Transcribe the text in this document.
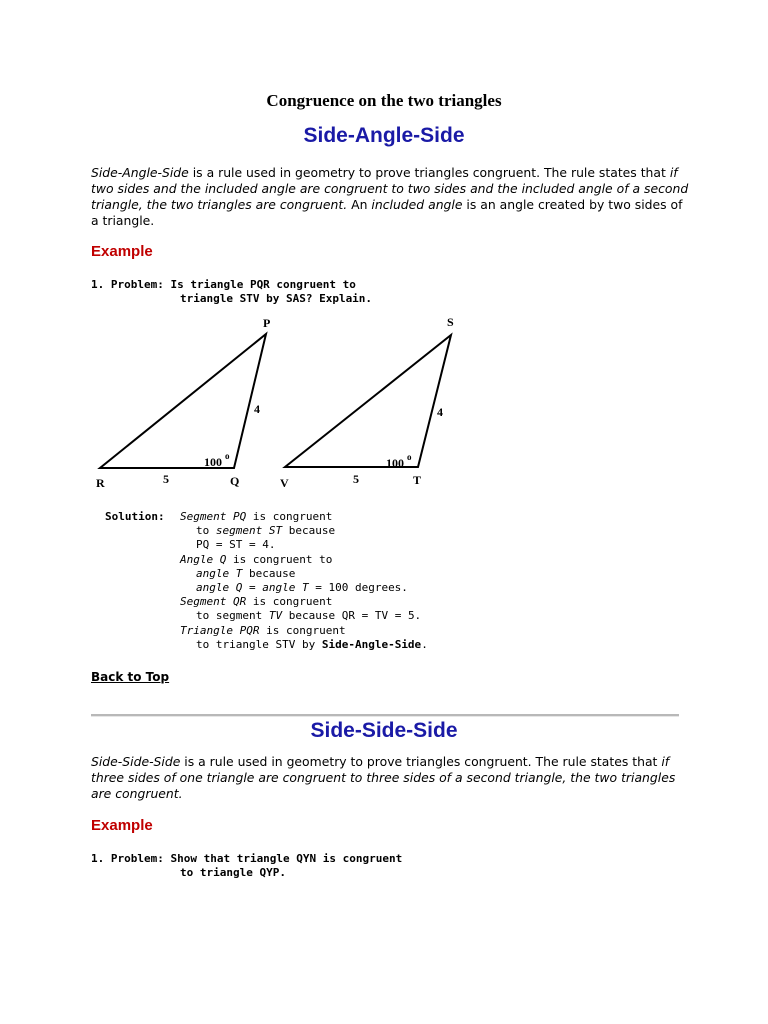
Congruence on the two triangles
Side-Angle-Side
Side-Angle-Side is a rule used in geometry to prove triangles congruent. The rule states that if two sides and the included angle are congruent to two sides and the included angle of a second triangle, the two triangles are congruent. An included angle is an angle created by two sides of a triangle.
Example
1. Problem: Is triangle PQR congruent to
triangle STV by SAS? Explain.
P
Q
R
4
5
100 o
S
T
V
4
5
100 o
Solution: Segment PQ is congruent
to segment ST because
PQ = ST = 4.
Angle Q is congruent to
angle T because
angle Q = angle T = 100 degrees.
Segment QR is congruent
to segment TV because QR = TV = 5.
Triangle PQR is congruent
to triangle STV by Side-Angle-Side.
Back to Top
Side-Side-Side
Side-Side-Side is a rule used in geometry to prove triangles congruent. The rule states that if three sides of one triangle are congruent to three sides of a second triangle, the two triangles are congruent.
Example
1. Problem: Show that triangle QYN is congruent
to triangle QYP.
